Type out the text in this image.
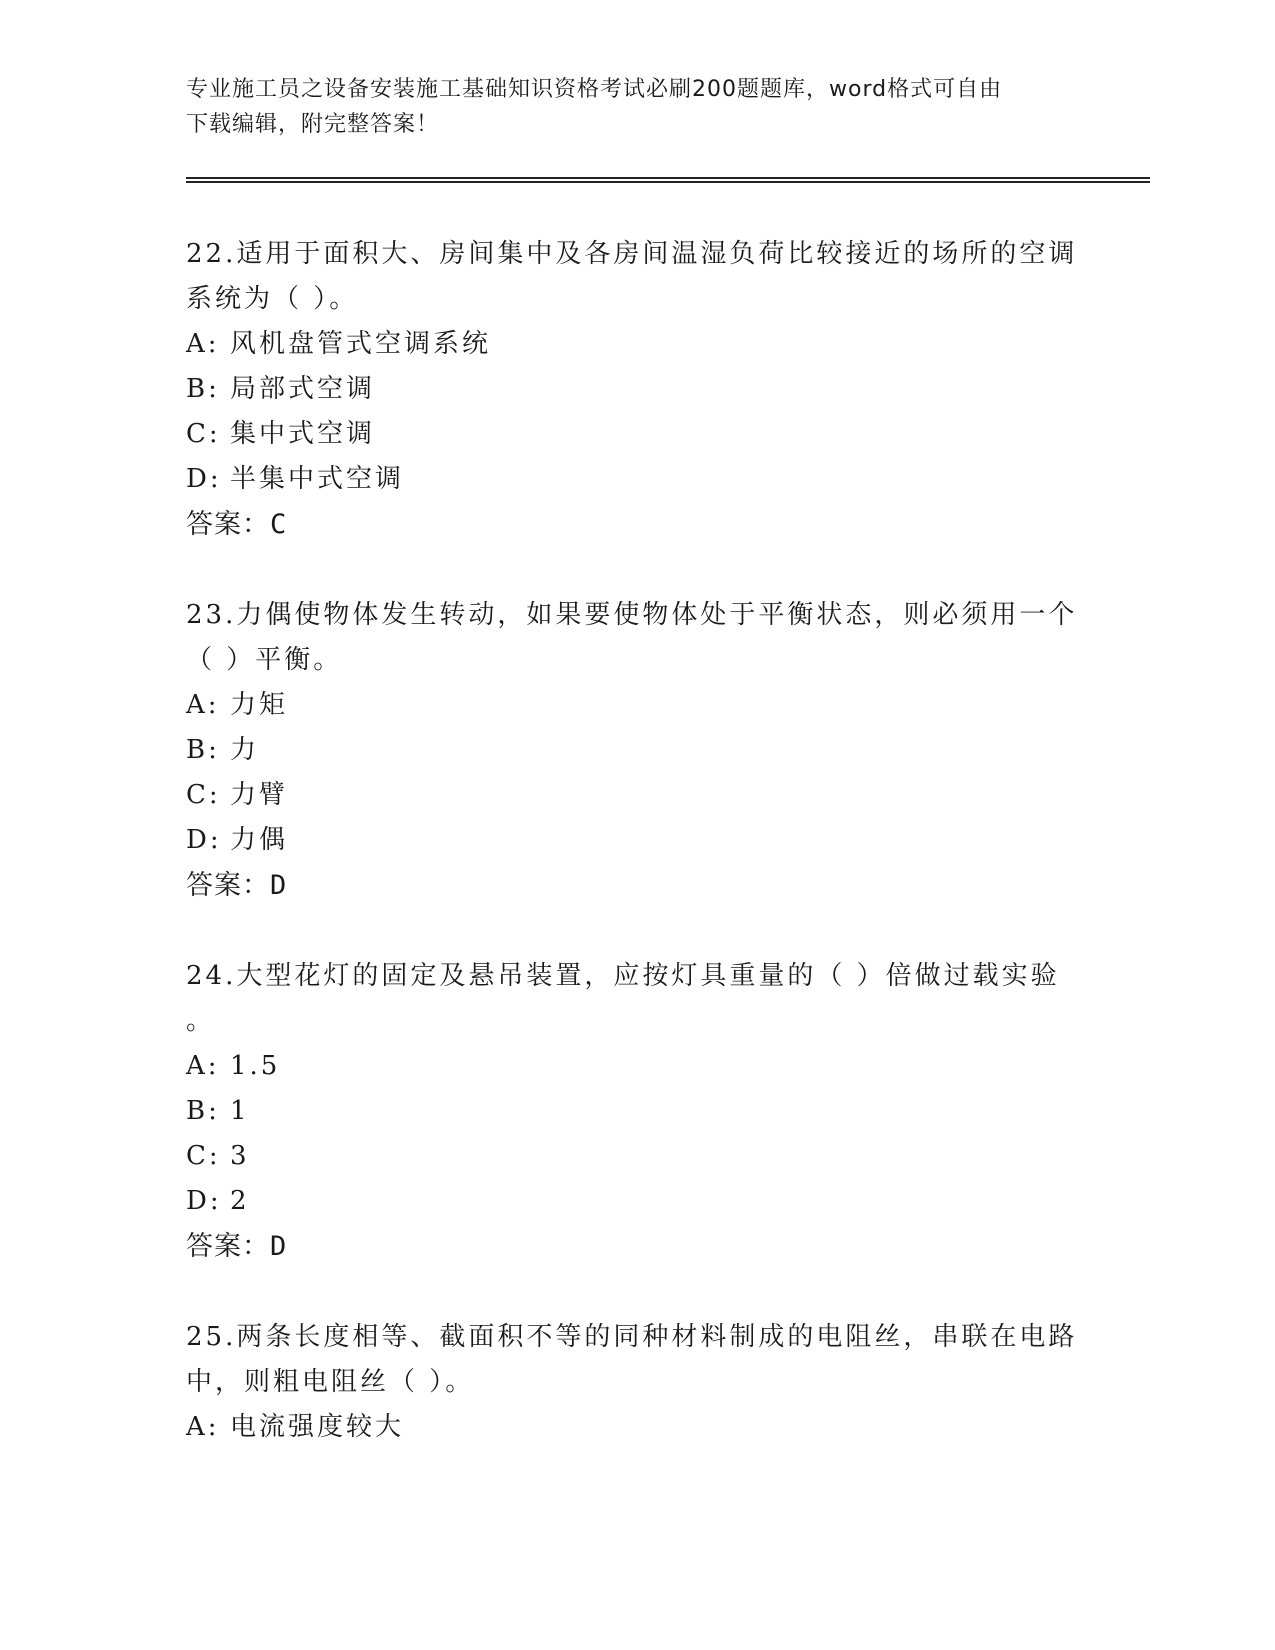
专业施工员之设备安装施工基础知识资格考试必刷200题题库，word格式可自由
下载编辑，附完整答案！
22.适用于面积大、房间集中及各房间温湿负荷比较接近的场所的空调
系统为（ ）。
A: 风机盘管式空调系统
B: 局部式空调
C: 集中式空调
D: 半集中式空调
答案：C
23.力偶使物体发生转动，如果要使物体处于平衡状态，则必须用一个
（ ）平衡。
A: 力矩
B: 力
C: 力臂
D: 力偶
答案：D
24.大型花灯的固定及悬吊装置，应按灯具重量的（ ）倍做过载实验
。
A: 1.5
B: 1
C: 3
D: 2
答案：D
25.两条长度相等、截面积不等的同种材料制成的电阻丝，串联在电路
中，则粗电阻丝（ ）。
A: 电流强度较大
